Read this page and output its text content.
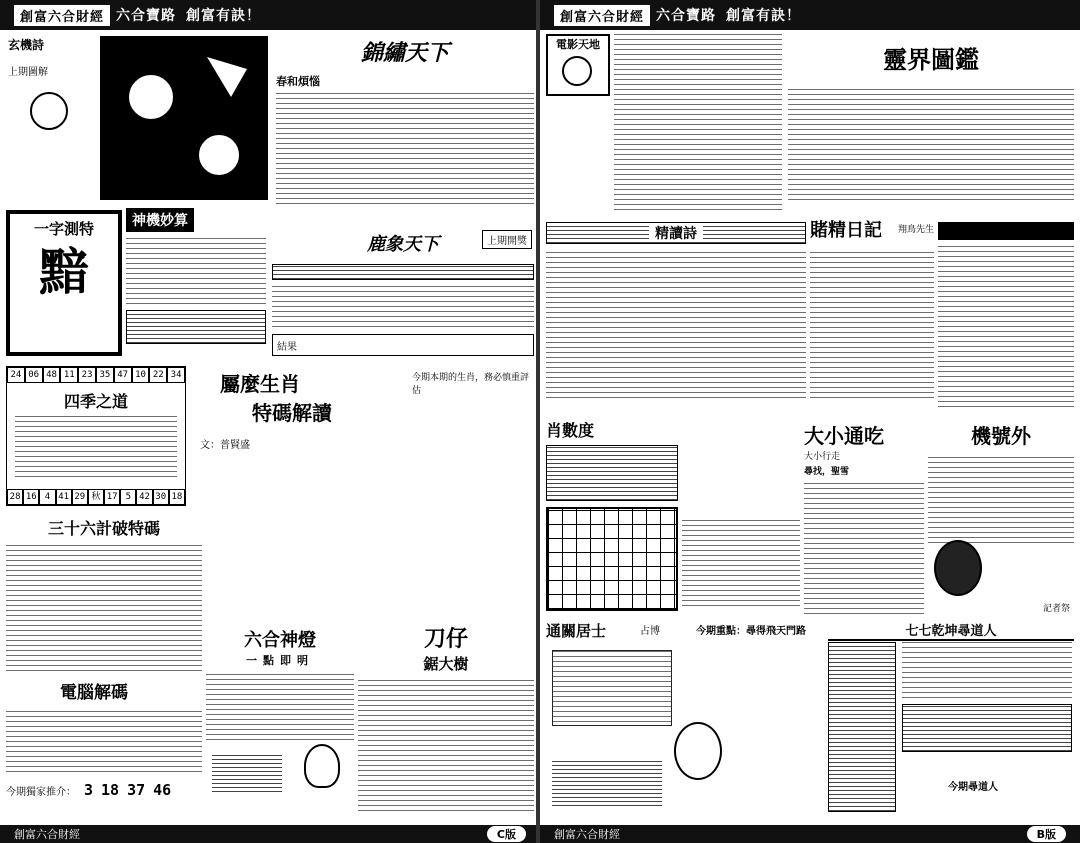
創富六合財經 六合寶路 創富有訣！
玄機詩
上期圖解
錦繡天下
春和煩惱
一字測特
黯
神機妙算
鹿象天下	上期開獎
結果
24 06 48 11 23 35 47 10 22 34
四季之道
28 16 4 41 29 秋 17 5 42 30 18
屬麼生肖
特碼解讀
文：普賢盛
今期本期的生肖，務必慎重評估
三十六計破特碼
電腦解碼
今期獨家推介： 3 18 37 46
六合神燈
一點即明
刀仔
鋸大樹
創富六合財經	C版
創富六合財經 六合寶路 創富有訣！
電影天地
靈界圖鑑
精讀詩	賭精日記	翔鳥先生
肖數度	大小通吃
大小行走
尋找，聖雪
機號外
記者祭
通關居士	占博	今期重點：尋得飛天門路	七七乾坤尋道人
今期尋道人
創富六合財經	B版
